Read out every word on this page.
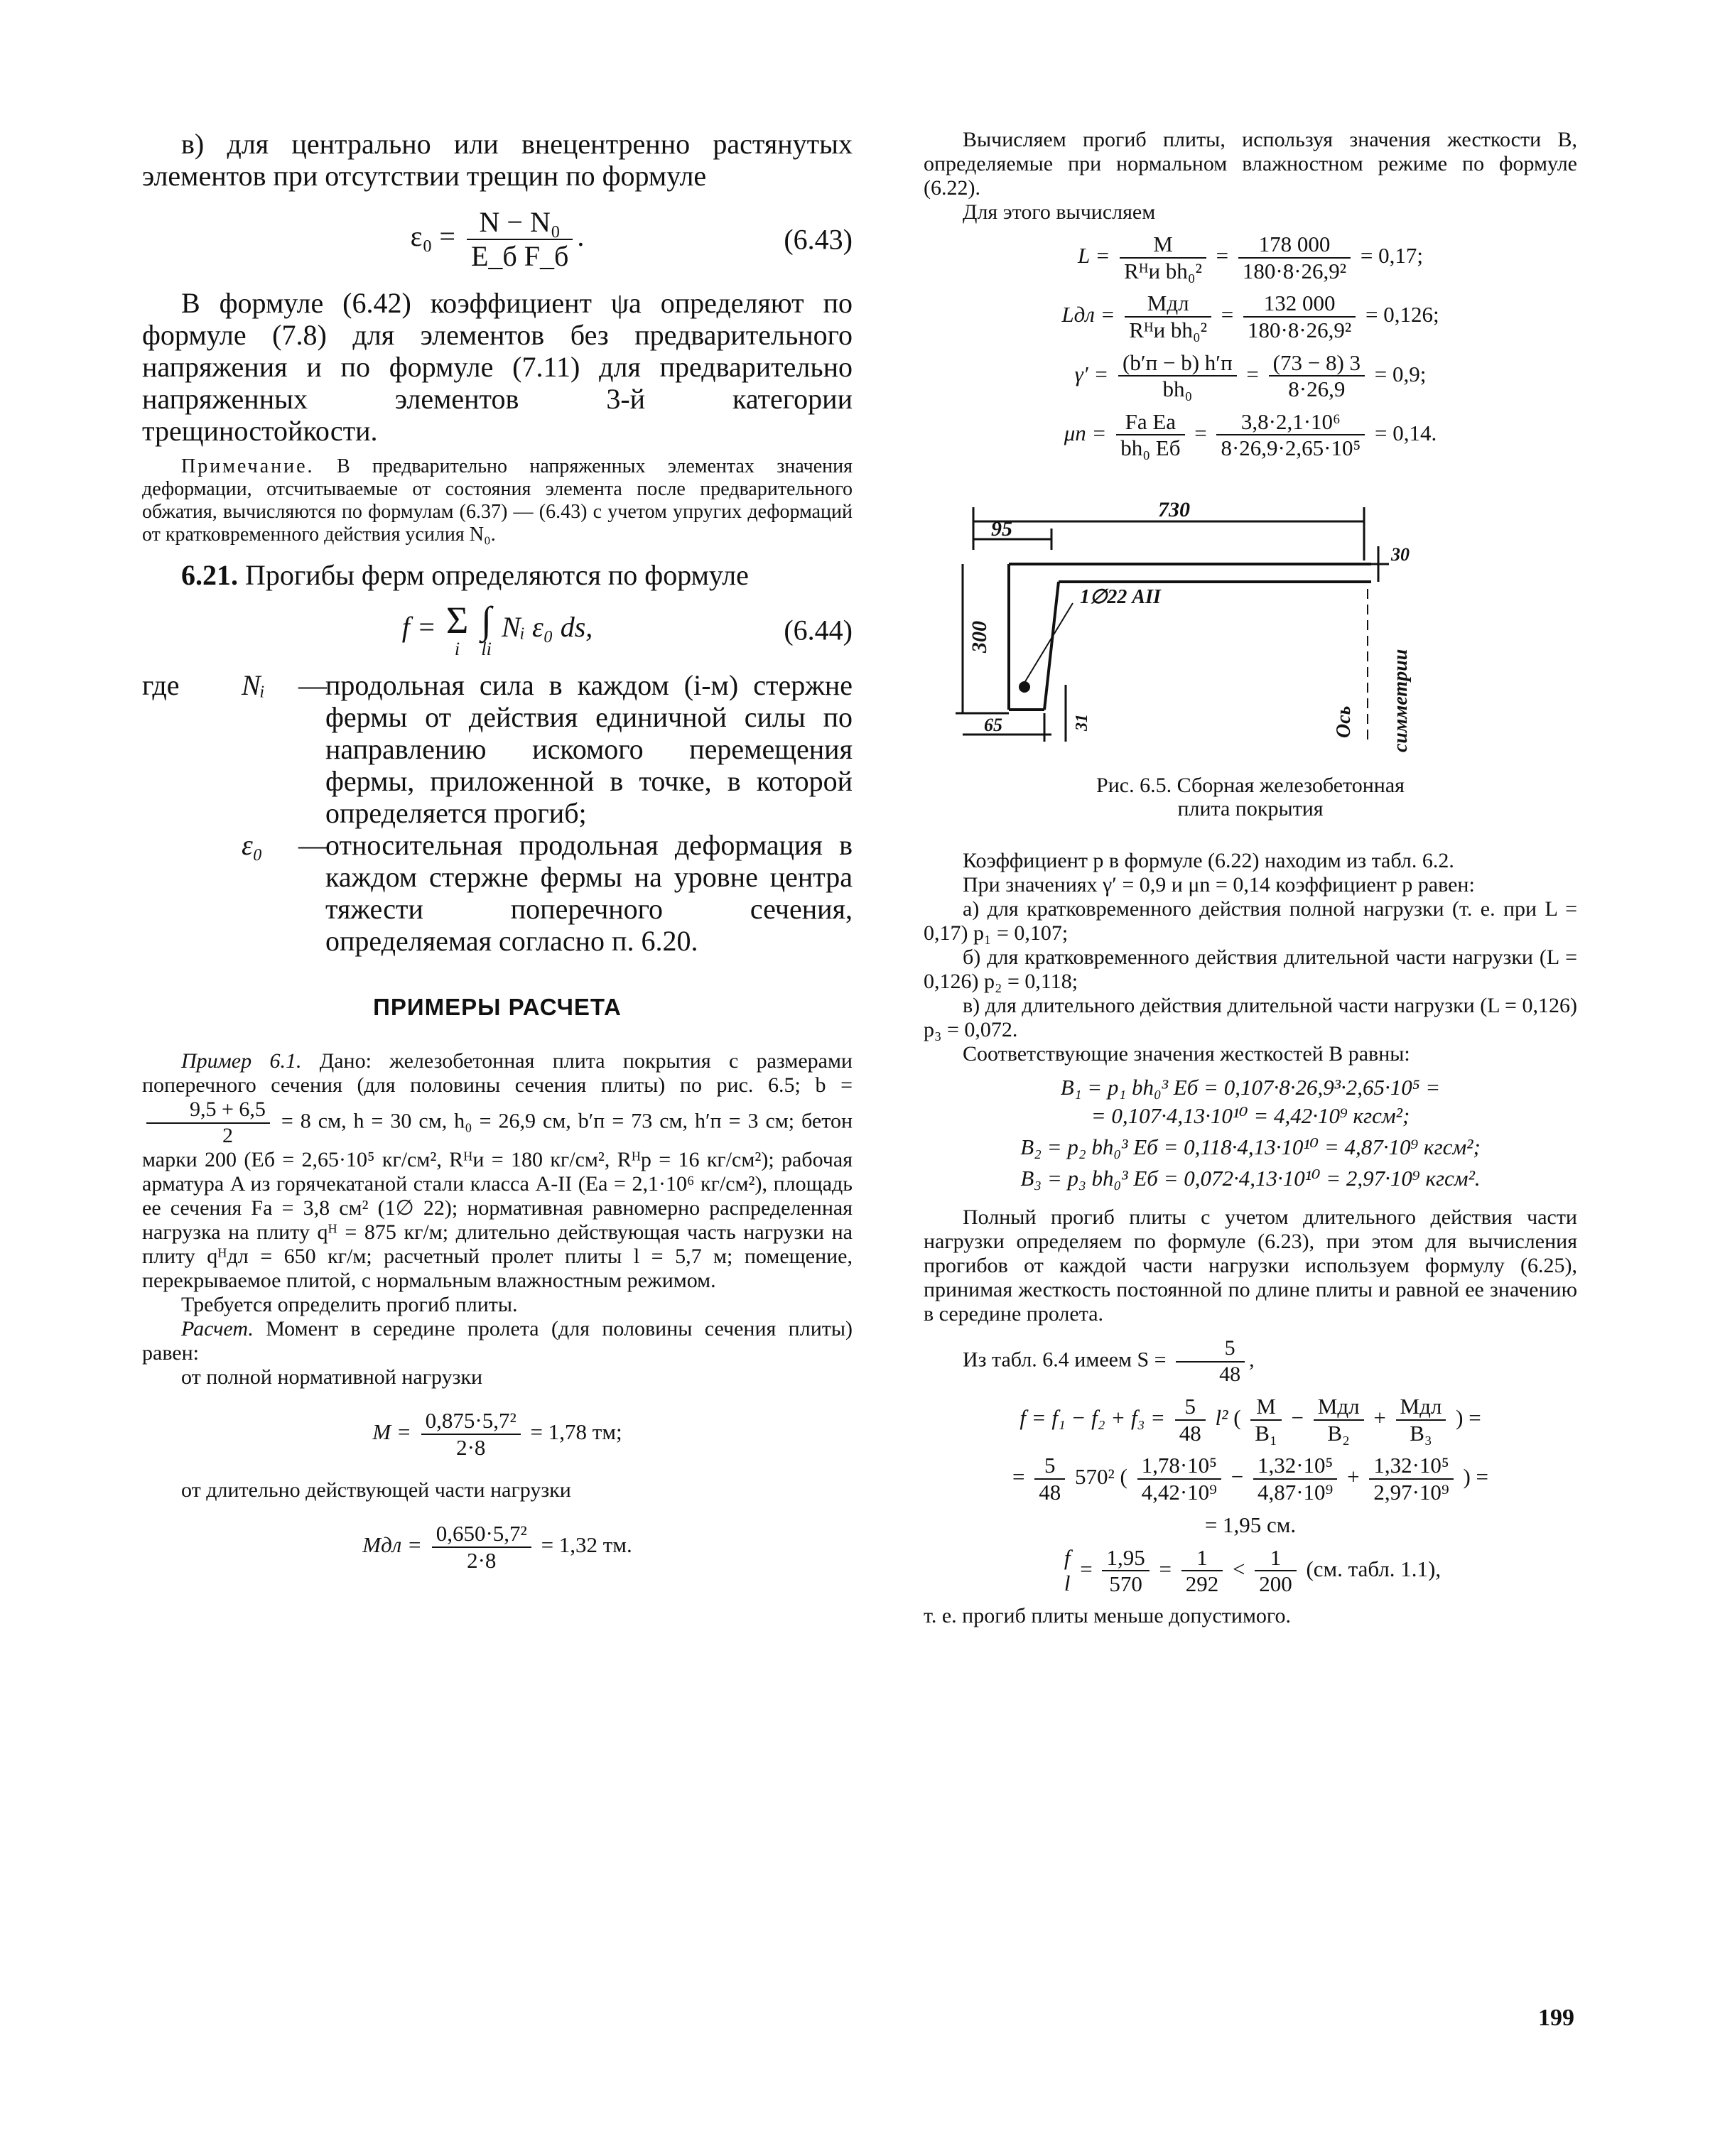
в) для центрально или внецентренно растянутых элементов при отсутствии трещин по формуле

$\varepsilon_0 = \frac{\text{N − N₀}}{\text{E\_б F\_б}}$ .	(6.43)

В формуле (6.42) коэффициент ψа определяют по формуле (7.8) для элементов без предварительного напряжения и по формуле (7.11) для предварительно напряженных элементов 3-й категории трещиностойкости.

Примечание. В предварительно напряженных элементах значения деформации, отсчитываемые от состояния элемента после предварительного обжатия, вычисляются по формулам (6.37) — (6.43) с учетом упругих деформаций от кратковременного действия усилия N₀.

6.21. Прогибы ферм определяются по формуле

f = Σ
i

∫
li
Nᵢ ε₀ ds,	(6.44)
где	Nᵢ	—
продольная сила в каждом (i-м) стержне фермы от действия единичной силы по направлению искомого перемещения фермы, приложенной в точке, в которой определяется прогиб;
ε₀	—
относительная продольная деформация в каждом стержне фермы на уровне центра тяжести поперечного сечения, определяемая согласно п. 6.20.
ПРИМЕРЫ РАСЧЕТА

Пример 6.1. Дано: железобетонная плита покрытия с размерами поперечного сечения (для половины сечения плиты) по рис. 6.5; b =
$\frac{9,5 + 6,5}{2} = 8$ см, h = 30 см, h₀ = 26,9 см, b′п = 73 см, h′п = 3 см; бетон марки 200 (Eб = 2,65·10⁵ кг/см², Rᴴи = 180 кг/см², Rᴴр = 16 кг/см²); рабочая арматура A из горячекатаной стали класса A-II (Eа = 2,1·10⁶ кг/см²), площадь ее сечения Fа = 3,8 см² (1∅ 22); нормативная равномерно распределенная нагрузка на плиту qᴴ = 875 кг/м; длительно действующая часть нагрузки на плиту qᴴдл = 650 кг/м; расчетный пролет плиты l = 5,7 м; помещение, перекрываемое плитой, с нормальным влажностным режимом.

Требуется определить прогиб плиты.

Расчет. Момент в середине пролета (для половины сечения плиты) равен:

от полной нормативной нагрузки

$M = \frac{\text{0,875·5,7²}}{2\cdot 8} = 1,78$ тм;

от длительно действующей части нагрузки

Mдл = $\frac{\text{0,650·5,7²}}{2\cdot 8} = 1,32$ тм.

Вычисляем прогиб плиты, используя значения жесткости B, определяемые при нормальном влажностном режиме по формуле (6.22).

Для этого вычисляем

$L = \frac{M}{\text{Rᴴи bh₀²}} = \frac{178 000}{\text{180·8·26,9²}} = 0,17$;
Lдл = $\frac{\text{Mдл}}{\text{Rᴴи bh₀²}} = \frac{132 000}{\text{180·8·26,9²}} = 0,126$;
$\gamma' = \frac{(b'п - b) h'п}{\text{bh₀}} = \frac{(73 - 8) 3}{8\cdot 26,9} = 0,9$;
$\mu n = \frac{\text{Fа Eа}}{\text{bh₀ Eб}} = \frac{\text{3,8·2,1·10⁶}}{\text{8·26,9·2,65·10⁵}} = 0,14$.
730
95
30
1∅22 АII
300
65	31	Ось симметрии
Рис. 6.5. Сборная железобетонная
плита покрытия

Коэффициент p в формуле (6.22) находим из табл. 6.2.

При значениях γ′ = 0,9 и μn = 0,14 коэффициент p равен:

а) для кратковременного действия полной нагрузки (т. е. при L = 0,17) p₁ = 0,107;

б) для кратковременного действия длительной части нагрузки (L = 0,126) p₂ = 0,118;

в) для длительного действия длительной части нагрузки (L = 0,126) p₃ = 0,072.

Соответствующие значения жесткостей B равны:

B₁ = p₁ bh₀³ Eб = 0,107·8·26,9³·2,65·10⁵ =
= 0,107·4,13·10¹⁰ = 4,42·10⁹ кгсм²;
B₂ = p₂ bh₀³ Eб = 0,118·4,13·10¹⁰ = 4,87·10⁹ кгсм²;
B₃ = p₃ bh₀³ Eб = 0,072·4,13·10¹⁰ = 2,97·10⁹ кгсм².

Полный прогиб плиты с учетом длительного действия части нагрузки определяем по формуле (6.23), при этом для вычисления прогибов от каждой части нагрузки используем формулу (6.25), принимая жесткость постоянной по длине плиты и равной ее значению в середине пролета.

Из табл. 6.4 имеем $S = \frac{5}{48}$ ,

$f = f_1 - f_2 + f_3 = \frac{5}{48} l^2$ ( $\frac{M}{\text{B₁}} - \frac{\text{Mдл}}{\text{B₂}} + \frac{\text{Mдл}}{\text{B₃}}$ ) =
= $\frac{5}{48} 570^2$ ( $\frac{\text{1,78·10⁵}}{\text{4,42·10⁹}} - \frac{\text{1,32·10⁵}}{\text{4,87·10⁹}} + \frac{\text{1,32·10⁵}}{\text{2,97·10⁹}}$ ) =
= 1,95 см.
f
l
= $\frac{1,95}{570} = \frac{1}{292} < \frac{1}{200} (см$. табл. 1.1),

т. е. прогиб плиты меньше допустимого.

199
